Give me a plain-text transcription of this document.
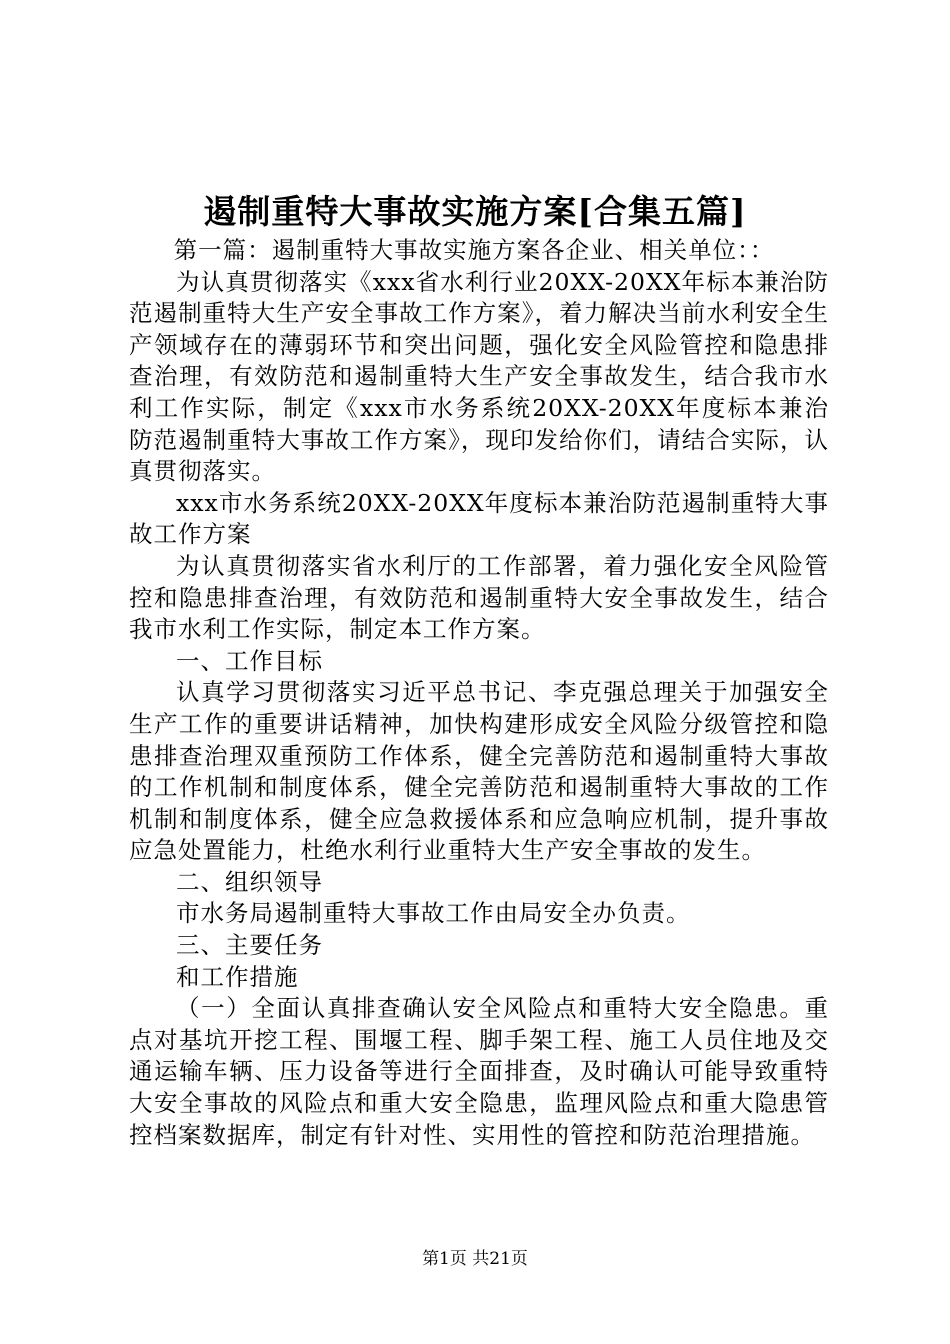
遏制重特大事故实施方案[合集五篇]

第一篇：遏制重特大事故实施方案各企业、相关单位：：

为认真贯彻落实《xxx省水利行业20XX-20XX年标本兼治防范遏制重特大生产安全事故工作方案》，着力解决当前水利安全生产领域存在的薄弱环节和突出问题，强化安全风险管控和隐患排查治理，有效防范和遏制重特大生产安全事故发生，结合我市水利工作实际，制定《xxx市水务系统20XX-20XX年度标本兼治防范遏制重特大事故工作方案》，现印发给你们，请结合实际，认真贯彻落实。

xxx市水务系统20XX-20XX年度标本兼治防范遏制重特大事故工作方案

为认真贯彻落实省水利厅的工作部署，着力强化安全风险管控和隐患排查治理，有效防范和遏制重特大安全事故发生，结合我市水利工作实际，制定本工作方案。

一、工作目标

认真学习贯彻落实习近平总书记、李克强总理关于加强安全生产工作的重要讲话精神，加快构建形成安全风险分级管控和隐患排查治理双重预防工作体系，健全完善防范和遏制重特大事故的工作机制和制度体系，健全完善防范和遏制重特大事故的工作机制和制度体系，健全应急救援体系和应急响应机制，提升事故应急处置能力，杜绝水利行业重特大生产安全事故的发生。

二、组织领导

市水务局遏制重特大事故工作由局安全办负责。

三、主要任务

和工作措施

（一）全面认真排查确认安全风险点和重特大安全隐患。重点对基坑开挖工程、围堰工程、脚手架工程、施工人员住地及交通运输车辆、压力设备等进行全面排查，及时确认可能导致重特大安全事故的风险点和重大安全隐患，监理风险点和重大隐患管控档案数据库，制定有针对性、实用性的管控和防范治理措施。

第1页 共21页
